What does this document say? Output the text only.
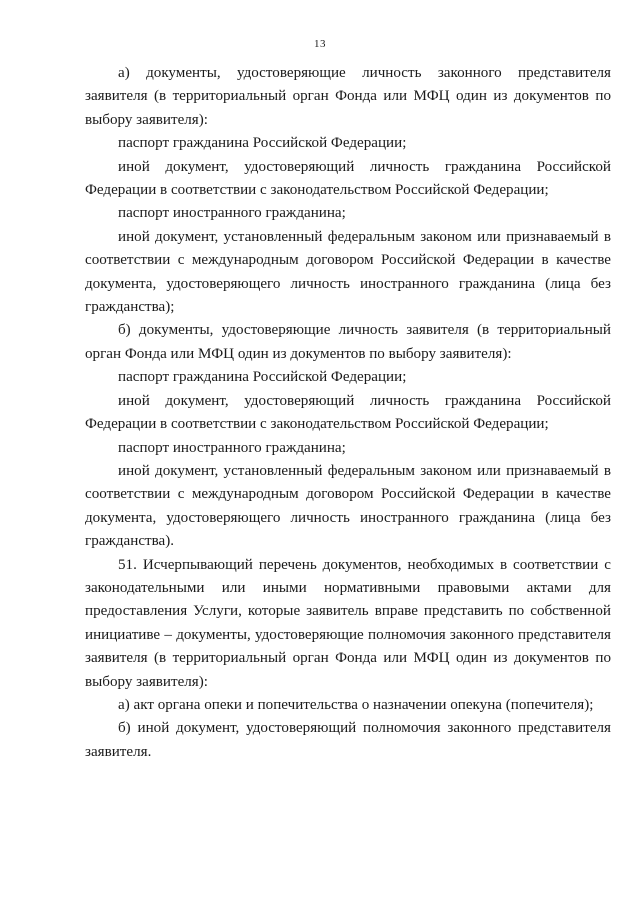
13

а) документы, удостоверяющие личность законного представителя заявителя (в территориальный орган Фонда или МФЦ один из документов по выбору заявителя):

паспорт гражданина Российской Федерации;

иной документ, удостоверяющий личность гражданина Российской Федерации в соответствии с законодательством Российской Федерации;

паспорт иностранного гражданина;

иной документ, установленный федеральным законом или признаваемый в соответствии с международным договором Российской Федерации в качестве документа, удостоверяющего личность иностранного гражданина (лица без гражданства);

б) документы, удостоверяющие личность заявителя (в территориальный орган Фонда или МФЦ один из документов по выбору заявителя):

паспорт гражданина Российской Федерации;

иной документ, удостоверяющий личность гражданина Российской Федерации в соответствии с законодательством Российской Федерации;

паспорт иностранного гражданина;

иной документ, установленный федеральным законом или признаваемый в соответствии с международным договором Российской Федерации в качестве документа, удостоверяющего личность иностранного гражданина (лица без гражданства).

51. Исчерпывающий перечень документов, необходимых в соответствии с законодательными или иными нормативными правовыми актами для предоставления Услуги, которые заявитель вправе представить по собственной инициативе – документы, удостоверяющие полномочия законного представителя заявителя (в территориальный орган Фонда или МФЦ один из документов по выбору заявителя):

а) акт органа опеки и попечительства о назначении опекуна (попечителя);

б) иной документ, удостоверяющий полномочия законного представителя заявителя.
